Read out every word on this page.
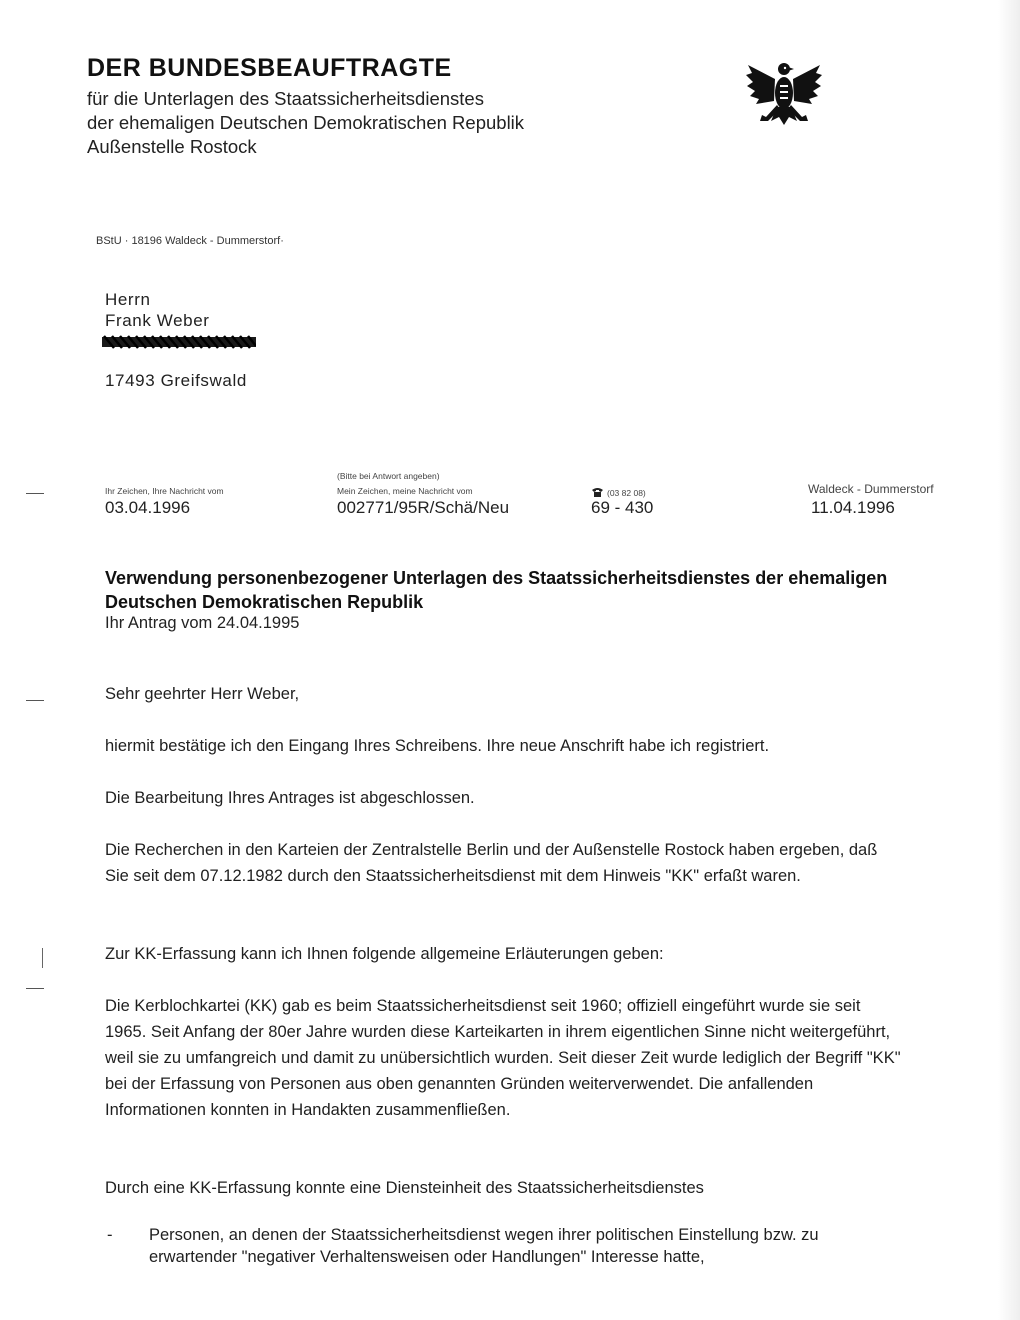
DER BUNDESBEAUFTRAGTE
für die Unterlagen des Staatssicherheitsdienstes
der ehemaligen Deutschen Demokratischen Republik
Außenstelle Rostock
BStU · 18196 Waldeck - Dummerstorf·
Herrn
Frank Weber
17493 Greifswald
(Bitte bei Antwort angeben)
Ihr Zeichen, Ihre Nachricht vom
03.04.1996
Mein Zeichen, meine Nachricht vom
002771/95R/Schä/Neu
(03 82 08)
69 - 430
Waldeck - Dummerstorf
11.04.1996
Verwendung personenbezogener Unterlagen des Staatssicherheitsdienstes der ehemaligen Deutschen Demokratischen Republik
Ihr Antrag vom 24.04.1995
Sehr geehrter Herr Weber,
hiermit bestätige ich den Eingang Ihres Schreibens. Ihre neue Anschrift habe ich registriert.
Die Bearbeitung Ihres Antrages ist abgeschlossen.
Die Recherchen in den Karteien der Zentralstelle Berlin und der Außenstelle Rostock haben ergeben, daß Sie seit dem 07.12.1982 durch den Staatssicherheitsdienst mit dem Hinweis "KK" erfaßt waren.
Zur KK-Erfassung kann ich Ihnen folgende allgemeine Erläuterungen geben:
Die Kerblochkartei (KK) gab es beim Staatssicherheitsdienst seit 1960; offiziell eingeführt wurde sie seit 1965. Seit Anfang der 80er Jahre wurden diese Karteikarten in ihrem eigentlichen Sinne nicht weitergeführt, weil sie zu umfangreich und damit zu unübersichtlich wurden. Seit dieser Zeit wurde lediglich der Begriff "KK" bei der Erfassung von Personen aus oben genannten Gründen weiterverwendet. Die anfallenden Informationen konnten in Handakten zusammenfließen.
Durch eine KK-Erfassung konnte eine Diensteinheit des Staatssicherheitsdienstes
- Personen, an denen der Staatssicherheitsdienst wegen ihrer politischen Einstellung bzw. zu erwartender "negativer Verhaltensweisen oder Handlungen" Interesse hatte,
